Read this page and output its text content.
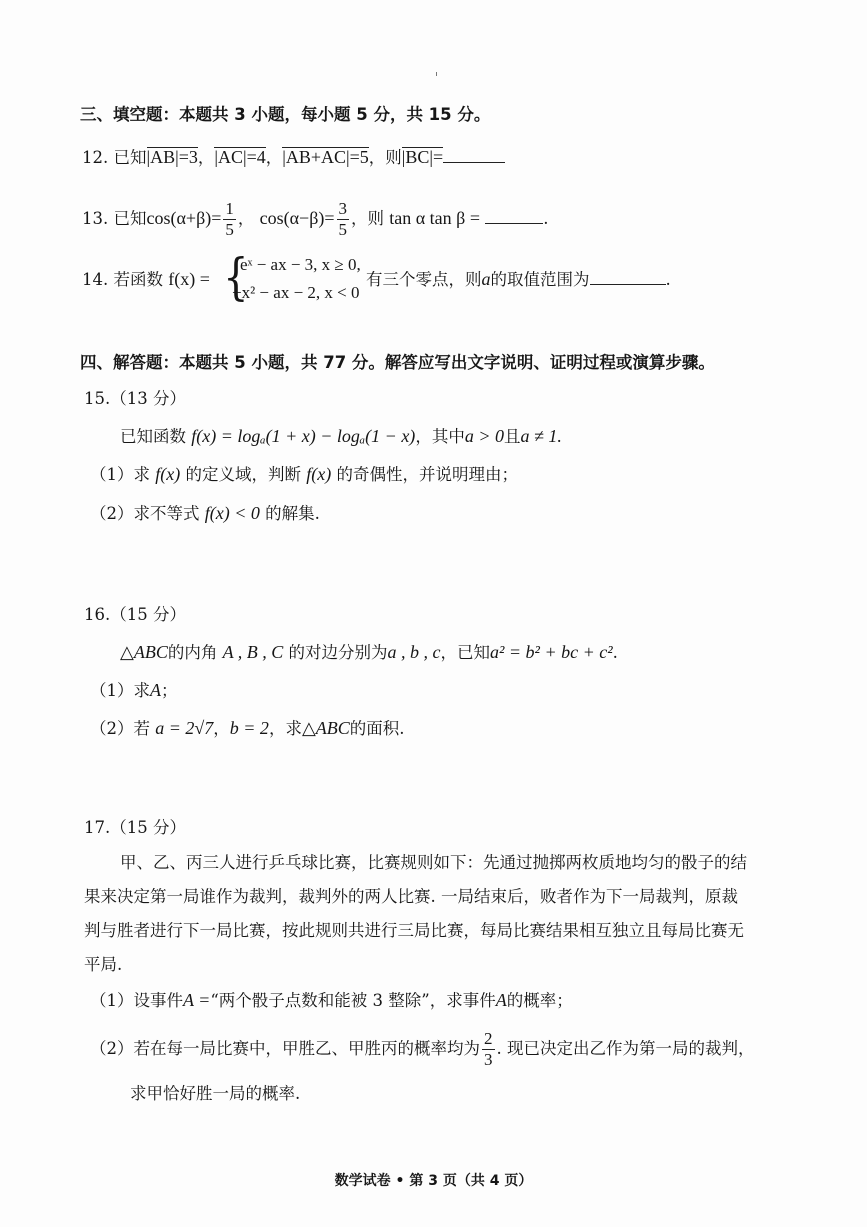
三、填空题：本题共 3 小题，每小题 5 分，共 15 分。
12. 已知|AB|=3，|AC|=4，|AB+AC|=5，则|BC|=
13. 已知$\cos(\alpha+\beta)= \frac{1}{5}$ ， $\cos(\alpha-\beta)= \frac{3}{5}$ ，则 tan α tan β =	.
14. 若函数 f(x) = {
eˣ − ax − 3, x ≥ 0,
−x² − ax − 2, x < 0
有三个零点，则a的取值范围为	.
四、解答题：本题共 5 小题，共 77 分。解答应写出文字说明、证明过程或演算步骤。
15.（13 分）
已知函数 f(x) = logₐ(1 + x) − logₐ(1 − x)，其中a > 0且a ≠ 1.
（1）求 f(x) 的定义域，判断 f(x) 的奇偶性，并说明理由；
（2）求不等式 f(x) < 0 的解集.
16.（15 分）
△ABC的内角 A , B , C 的对边分别为a , b , c，已知a² = b² + bc + c².
（1）求A；
（2）若 a = 2√7，b = 2，求△ABC的面积.
17.（15 分）
甲、乙、丙三人进行乒乓球比赛，比赛规则如下：先通过抛掷两枚质地均匀的骰子的结
果来决定第一局谁作为裁判，裁判外的两人比赛. 一局结束后，败者作为下一局裁判，原裁
判与胜者进行下一局比赛，按此规则共进行三局比赛，每局比赛结果相互独立且每局比赛无
平局.
（1）设事件A =“两个骰子点数和能被 3 整除”，求事件A的概率；
（2）若在每一局比赛中，甲胜乙、甲胜丙的概率均为 $\frac{2}{3}$ . 现已决定出乙作为第一局的裁判，
求甲恰好胜一局的概率.
数学试卷 • 第 3 页（共 4 页）
